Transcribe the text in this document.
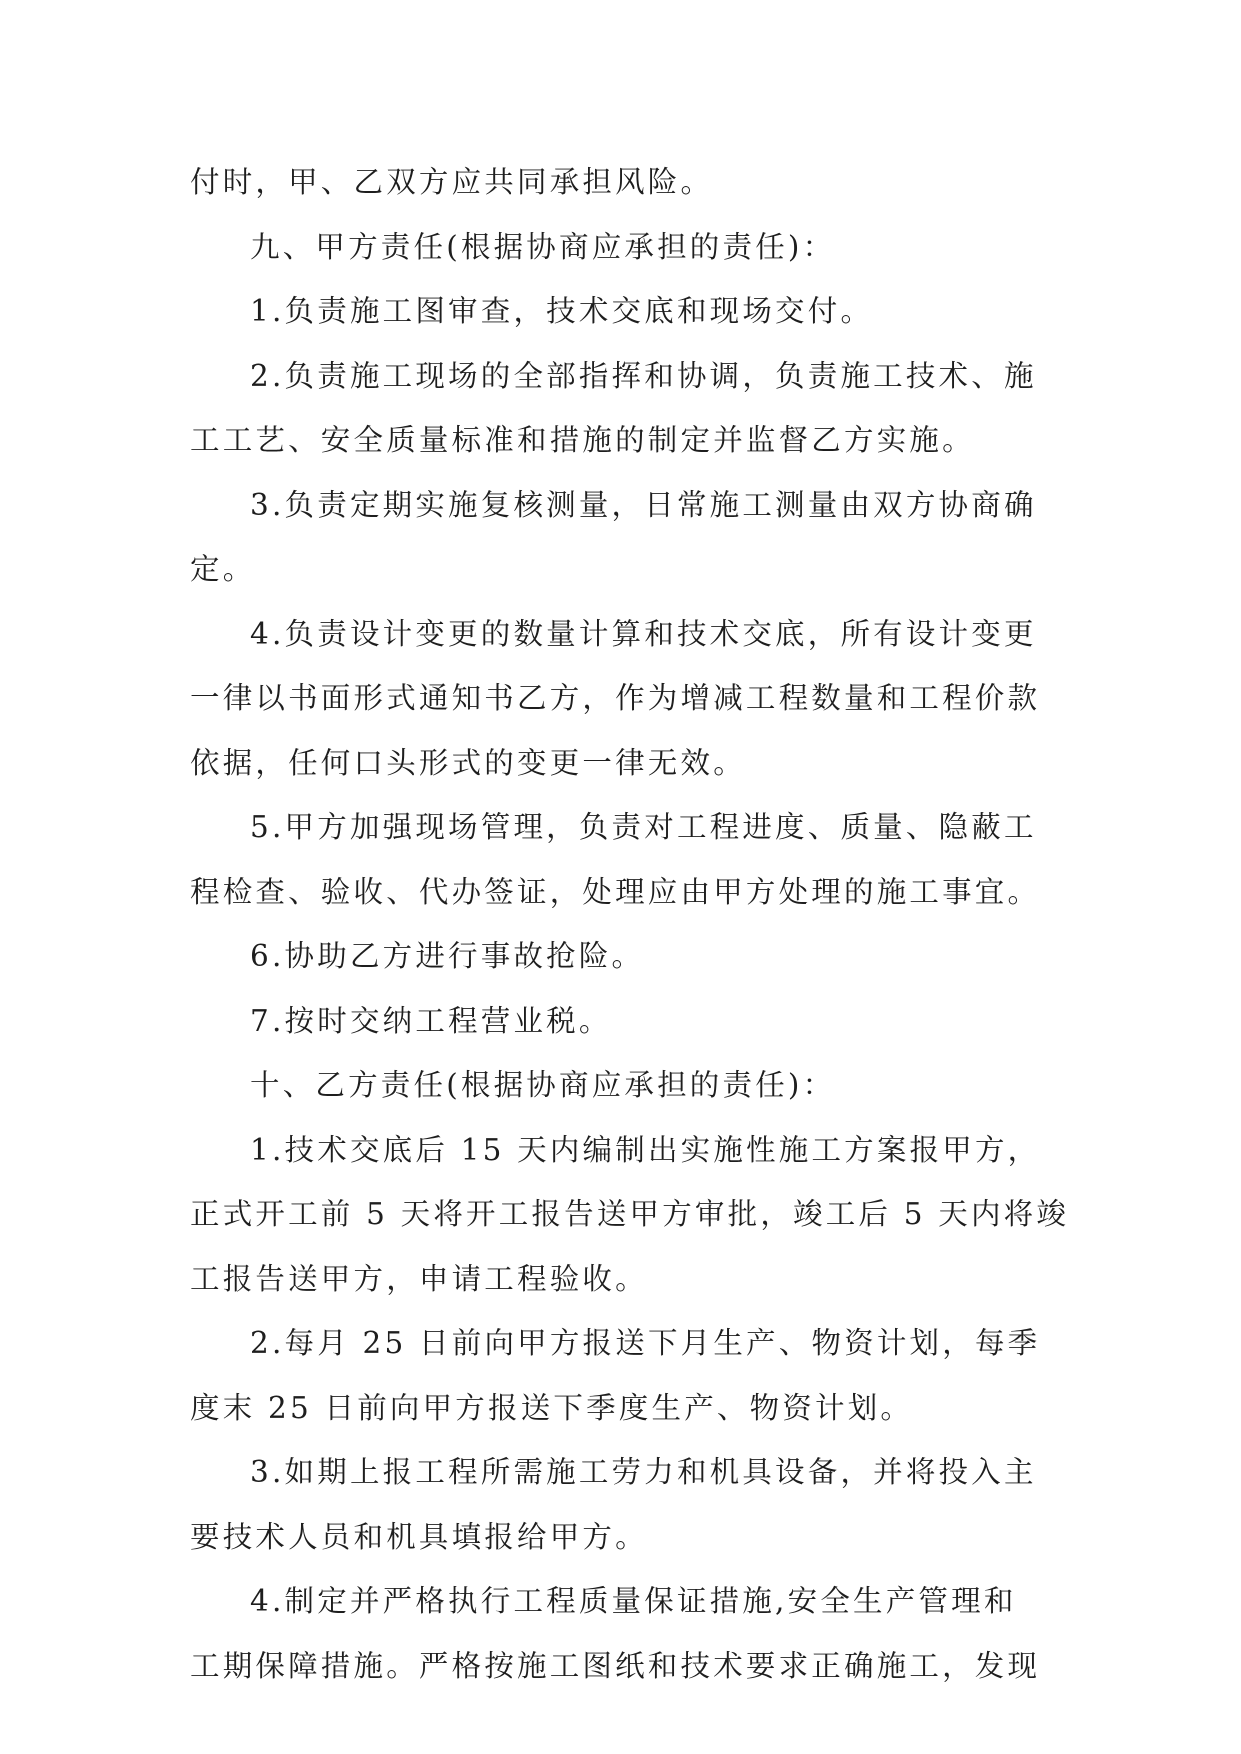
付时，甲、乙双方应共同承担风险。
九、甲方责任(根据协商应承担的责任)：
1.负责施工图审查，技术交底和现场交付。
2.负责施工现场的全部指挥和协调，负责施工技术、施
工工艺、安全质量标准和措施的制定并监督乙方实施。
3.负责定期实施复核测量，日常施工测量由双方协商确
定。
4.负责设计变更的数量计算和技术交底，所有设计变更
一律以书面形式通知书乙方，作为增减工程数量和工程价款
依据，任何口头形式的变更一律无效。
5.甲方加强现场管理，负责对工程进度、质量、隐蔽工
程检查、验收、代办签证，处理应由甲方处理的施工事宜。
6.协助乙方进行事故抢险。
7.按时交纳工程营业税。
十、乙方责任(根据协商应承担的责任)：
1.技术交底后 15 天内编制出实施性施工方案报甲方，
正式开工前 5 天将开工报告送甲方审批，竣工后 5 天内将竣
工报告送甲方，申请工程验收。
2.每月 25 日前向甲方报送下月生产、物资计划，每季
度末 25 日前向甲方报送下季度生产、物资计划。
3.如期上报工程所需施工劳力和机具设备，并将投入主
要技术人员和机具填报给甲方。
4.制定并严格执行工程质量保证措施,安全生产管理和
工期保障措施。严格按施工图纸和技术要求正确施工，发现
